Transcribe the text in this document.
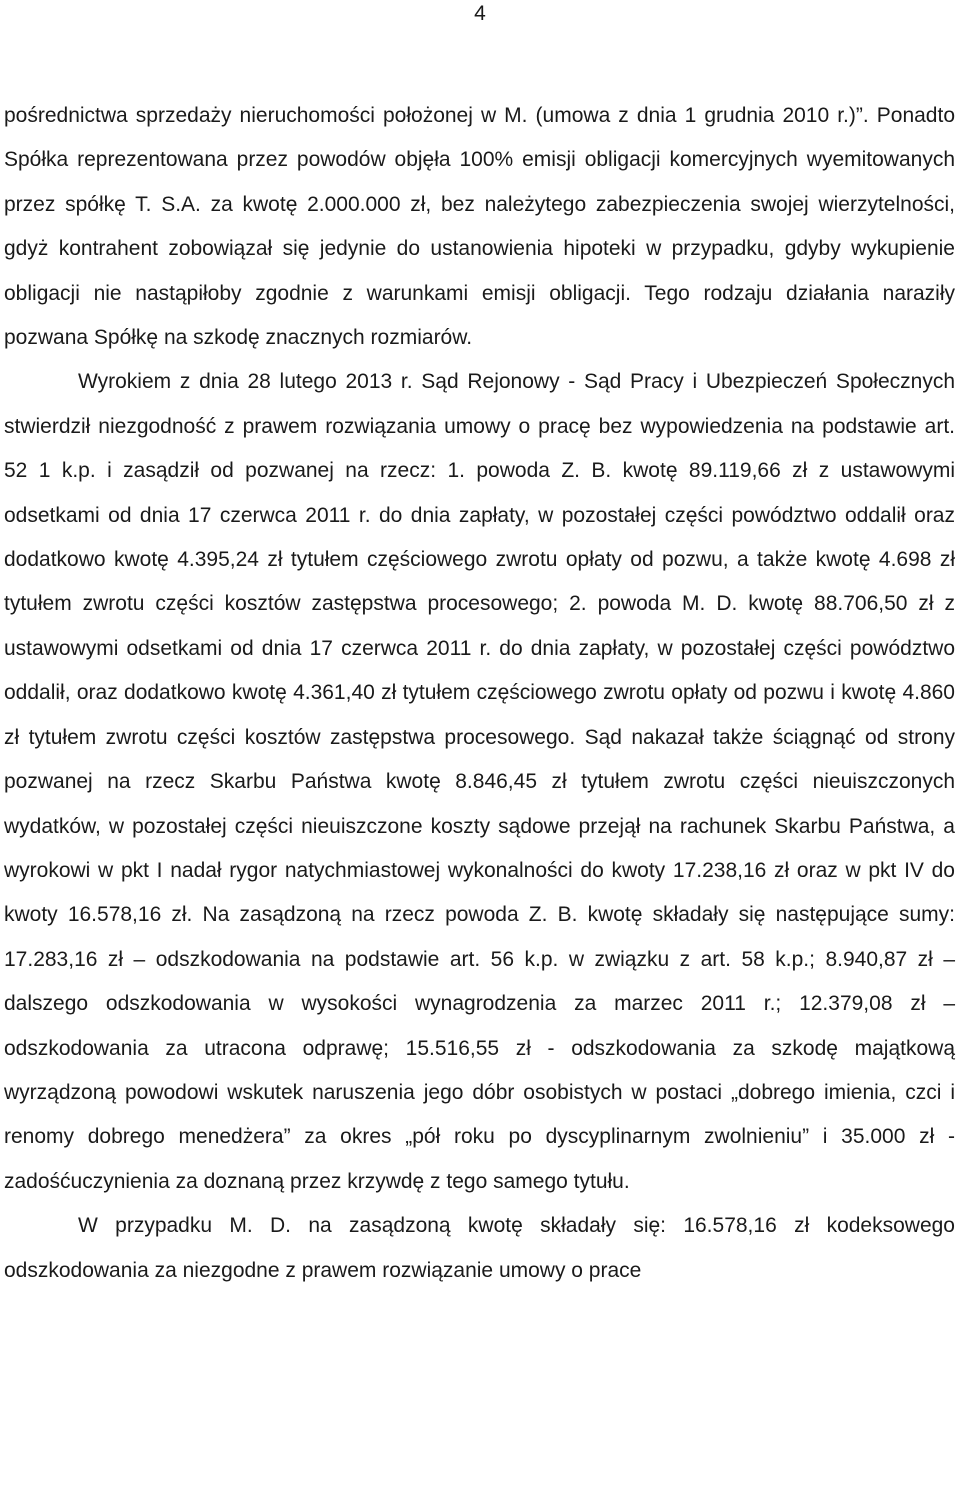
4

pośrednictwa sprzedaży nieruchomości położonej w M. (umowa z dnia 1 grudnia 2010 r.)”. Ponadto Spółka reprezentowana przez powodów objęła 100% emisji obligacji komercyjnych wyemitowanych przez spółkę T. S.A. za kwotę 2.000.000 zł, bez należytego zabezpieczenia swojej wierzytelności, gdyż kontrahent zobowiązał się jedynie do ustanowienia hipoteki w przypadku, gdyby wykupienie obligacji nie nastąpiłoby zgodnie z warunkami emisji obligacji. Tego rodzaju działania naraziły pozwana Spółkę na szkodę znacznych rozmiarów.

Wyrokiem z dnia 28 lutego 2013 r. Sąd Rejonowy - Sąd Pracy i Ubezpieczeń Społecznych stwierdził niezgodność z prawem rozwiązania umowy o pracę bez wypowiedzenia na podstawie art. 52 1 k.p. i zasądził od pozwanej na rzecz: 1. powoda Z. B. kwotę 89.119,66 zł z ustawowymi odsetkami od dnia 17 czerwca 2011 r. do dnia zapłaty, w pozostałej części powództwo oddalił oraz dodatkowo kwotę 4.395,24 zł tytułem częściowego zwrotu opłaty od pozwu, a także kwotę 4.698 zł tytułem zwrotu części kosztów zastępstwa procesowego; 2. powoda M. D. kwotę 88.706,50 zł z ustawowymi odsetkami od dnia 17 czerwca 2011 r. do dnia zapłaty, w pozostałej części powództwo oddalił, oraz dodatkowo kwotę 4.361,40 zł tytułem częściowego zwrotu opłaty od pozwu i kwotę 4.860 zł tytułem zwrotu części kosztów zastępstwa procesowego. Sąd nakazał także ściągnąć od strony pozwanej na rzecz Skarbu Państwa kwotę 8.846,45 zł tytułem zwrotu części nieuiszczonych wydatków, w pozostałej części nieuiszczone koszty sądowe przejął na rachunek Skarbu Państwa, a wyrokowi w pkt I nadał rygor natychmiastowej wykonalności do kwoty 17.238,16 zł oraz w pkt IV do kwoty 16.578,16 zł. Na zasądzoną na rzecz powoda Z. B. kwotę składały się następujące sumy: 17.283,16 zł – odszkodowania na podstawie art. 56 k.p. w związku z art. 58 k.p.; 8.940,87 zł – dalszego odszkodowania w wysokości wynagrodzenia za marzec 2011 r.; 12.379,08 zł – odszkodowania za utracona odprawę; 15.516,55 zł - odszkodowania za szkodę majątkową wyrządzoną powodowi wskutek naruszenia jego dóbr osobistych w postaci „dobrego imienia, czci i renomy dobrego menedżera” za okres „pół roku po dyscyplinarnym zwolnieniu” i 35.000 zł - zadośćuczynienia za doznaną przez krzywdę z tego samego tytułu.

W przypadku M. D. na zasądzoną kwotę składały się: 16.578,16 zł kodeksowego odszkodowania za niezgodne z prawem rozwiązanie umowy o prace
